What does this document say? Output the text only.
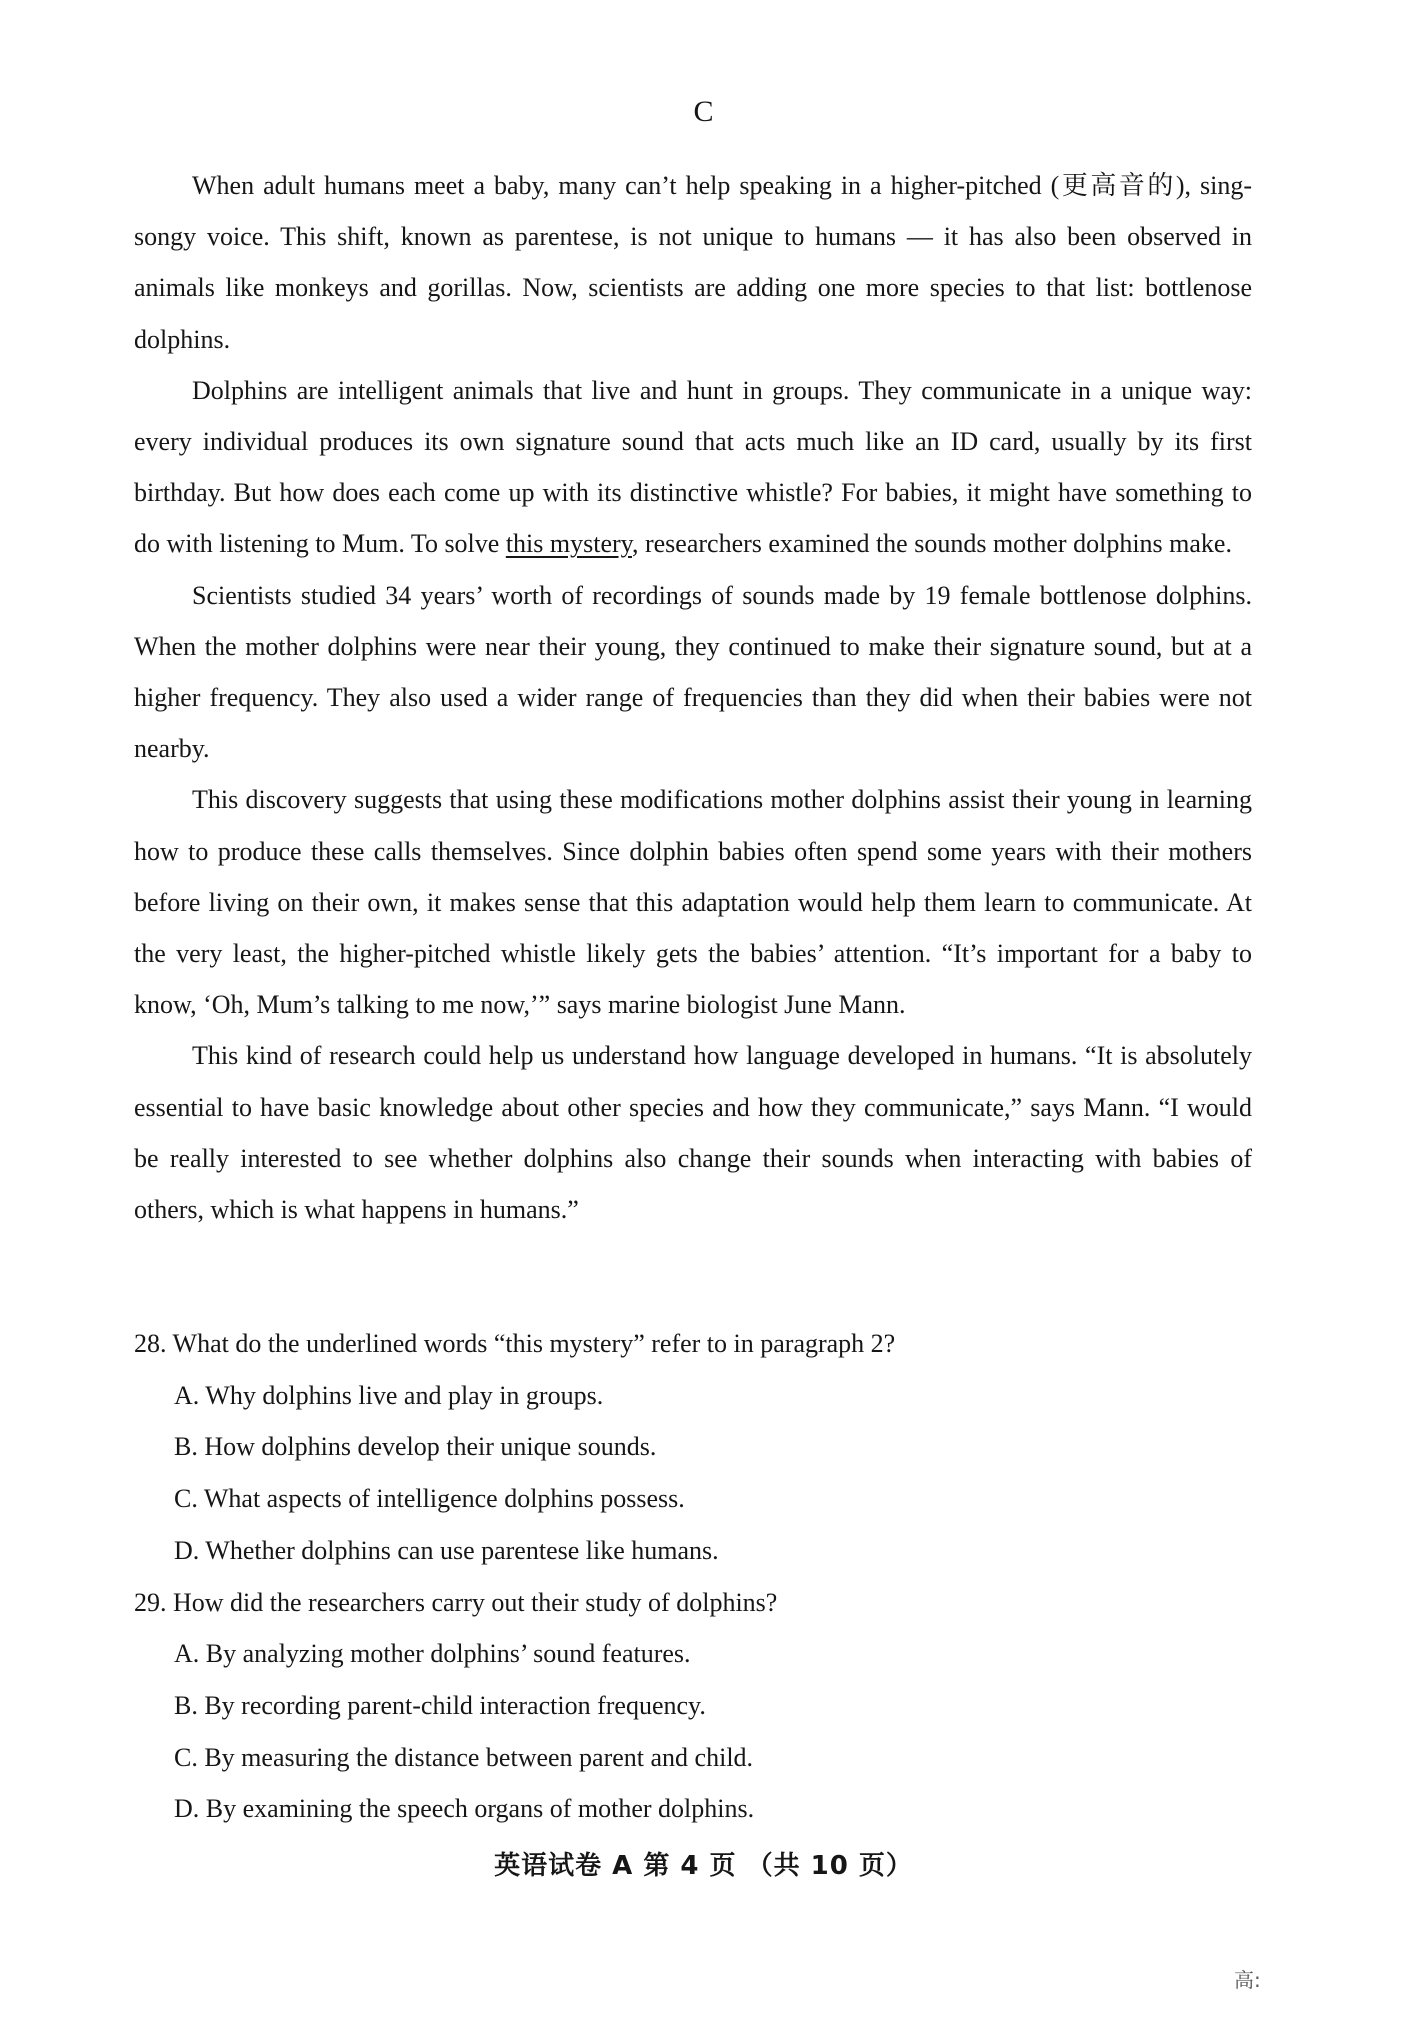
C

When adult humans meet a baby, many can’t help speaking in a higher-pitched (更高音的), sing-songy voice. This shift, known as parentese, is not unique to humans — it has also been observed in animals like monkeys and gorillas. Now, scientists are adding one more species to that list: bottlenose dolphins.

Dolphins are intelligent animals that live and hunt in groups. They communicate in a unique way: every individual produces its own signature sound that acts much like an ID card, usually by its first birthday. But how does each come up with its distinctive whistle? For babies, it might have something to do with listening to Mum. To solve this mystery, researchers examined the sounds mother dolphins make.

Scientists studied 34 years’ worth of recordings of sounds made by 19 female bottlenose dolphins. When the mother dolphins were near their young, they continued to make their signature sound, but at a higher frequency. They also used a wider range of frequencies than they did when their babies were not nearby.

This discovery suggests that using these modifications mother dolphins assist their young in learning how to produce these calls themselves. Since dolphin babies often spend some years with their mothers before living on their own, it makes sense that this adaptation would help them learn to communicate. At the very least, the higher-pitched whistle likely gets the babies’ attention. “It’s important for a baby to know, ‘Oh, Mum’s talking to me now,’” says marine biologist June Mann.

This kind of research could help us understand how language developed in humans. “It is absolutely essential to have basic knowledge about other species and how they communicate,” says Mann. “I would be really interested to see whether dolphins also change their sounds when interacting with babies of others, which is what happens in humans.”

28. What do the underlined words “this mystery” refer to in paragraph 2?

A. Why dolphins live and play in groups.

B. How dolphins develop their unique sounds.

C. What aspects of intelligence dolphins possess.

D. Whether dolphins can use parentese like humans.

29. How did the researchers carry out their study of dolphins?

A. By analyzing mother dolphins’ sound features.

B. By recording parent-child interaction frequency.

C. By measuring the distance between parent and child.

D. By examining the speech organs of mother dolphins.

英语试卷 A 第 4 页 （共 10 页）
高:
